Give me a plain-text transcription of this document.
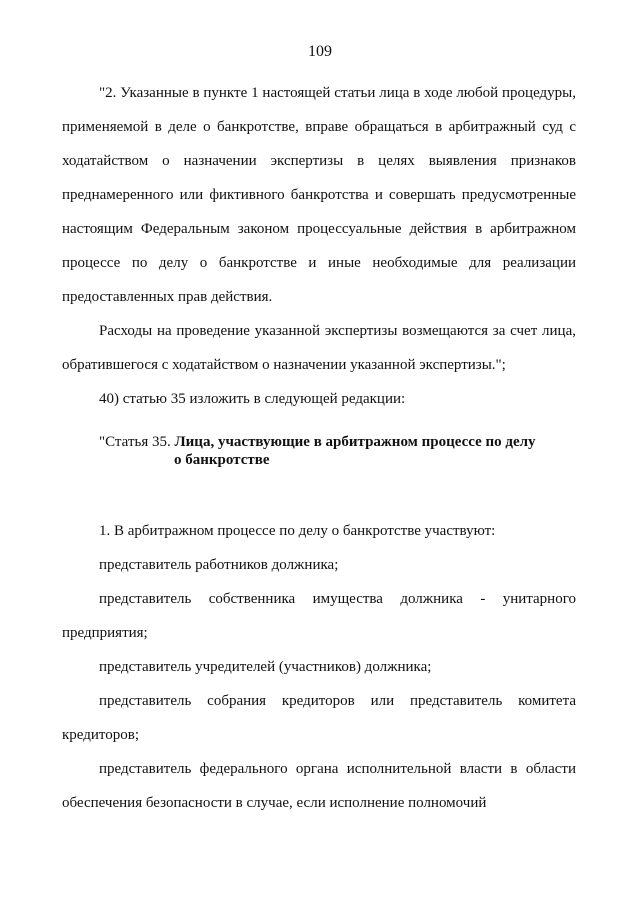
109

"2. Указанные в пункте 1 настоящей статьи лица в ходе любой процедуры, применяемой в деле о банкротстве, вправе обращаться в арбитражный суд с ходатайством о назначении экспертизы в целях выявления признаков преднамеренного или фиктивного банкротства и совершать предусмотренные настоящим Федеральным законом процессуальные действия в арбитражном процессе по делу о банкротстве и иные необходимые для реализации предоставленных прав действия.

Расходы на проведение указанной экспертизы возмещаются за счет лица, обратившегося с ходатайством о назначении указанной экспертизы.";

40) статью 35 изложить в следующей редакции:

"Статья 35. Лица, участвующие в арбитражном процессе по делу
о банкротстве

1. В арбитражном процессе по делу о банкротстве участвуют:

представитель работников должника;

представитель собственника имущества должника - унитарного предприятия;

представитель учредителей (участников) должника;

представитель собрания кредиторов или представитель комитета кредиторов;

представитель федерального органа исполнительной власти в области обеспечения безопасности в случае, если исполнение полномочий
